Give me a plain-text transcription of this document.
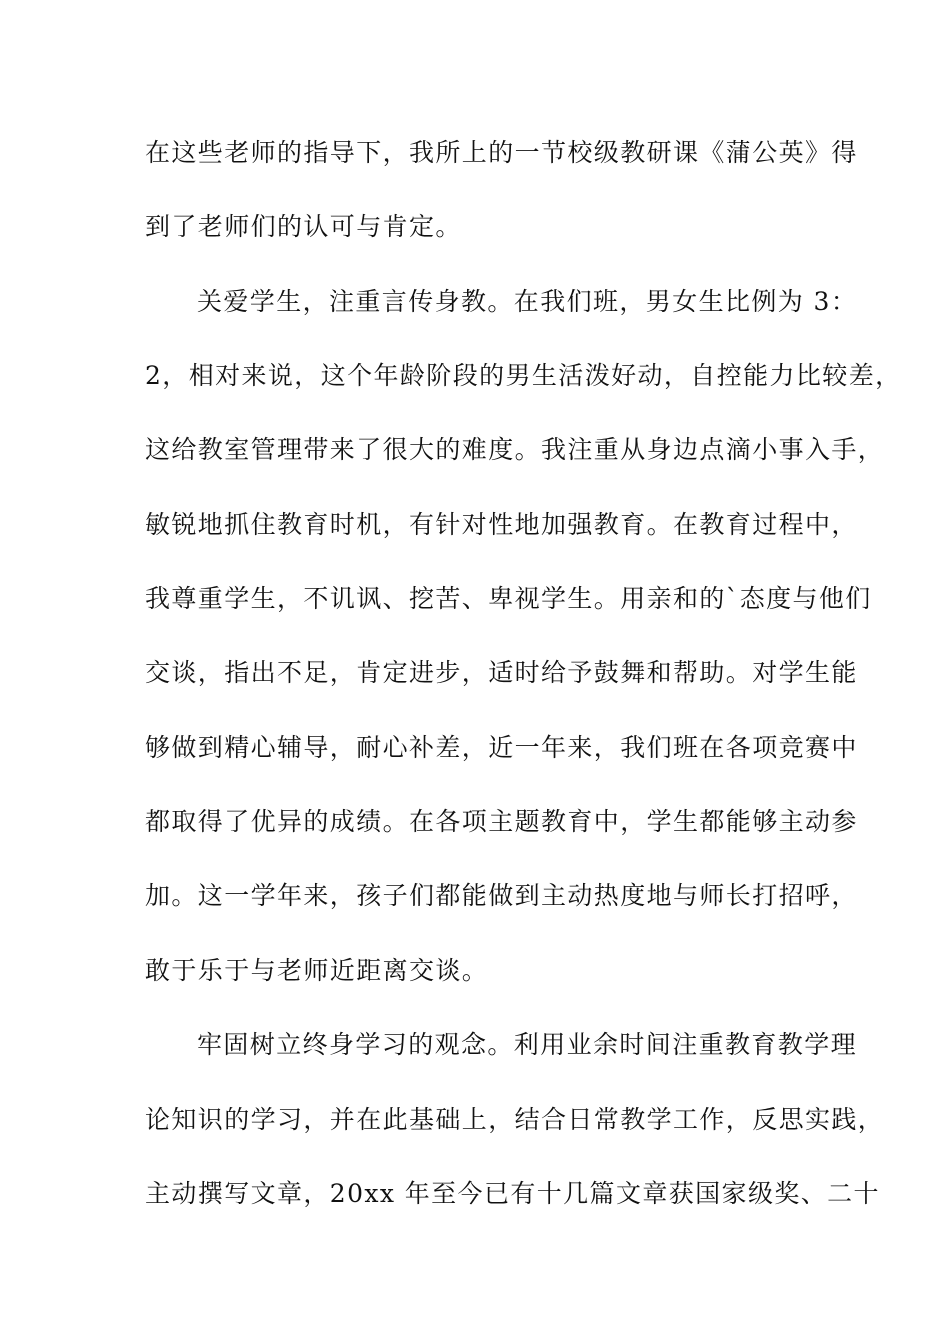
在这些老师的指导下，我所上的一节校级教研课《蒲公英》得
到了老师们的认可与肯定。
关爱学生，注重言传身教。在我们班，男女生比例为 3：
2，相对来说，这个年龄阶段的男生活泼好动，自控能力比较差，
这给教室管理带来了很大的难度。我注重从身边点滴小事入手，
敏锐地抓住教育时机，有针对性地加强教育。在教育过程中，
我尊重学生，不讥讽、挖苦、卑视学生。用亲和的`态度与他们
交谈，指出不足，肯定进步，适时给予鼓舞和帮助。对学生能
够做到精心辅导，耐心补差，近一年来，我们班在各项竞赛中
都取得了优异的成绩。在各项主题教育中，学生都能够主动参
加。这一学年来，孩子们都能做到主动热度地与师长打招呼，
敢于乐于与老师近距离交谈。
牢固树立终身学习的观念。利用业余时间注重教育教学理
论知识的学习，并在此基础上，结合日常教学工作，反思实践，
主动撰写文章，20xx 年至今已有十几篇文章获国家级奖、二十
